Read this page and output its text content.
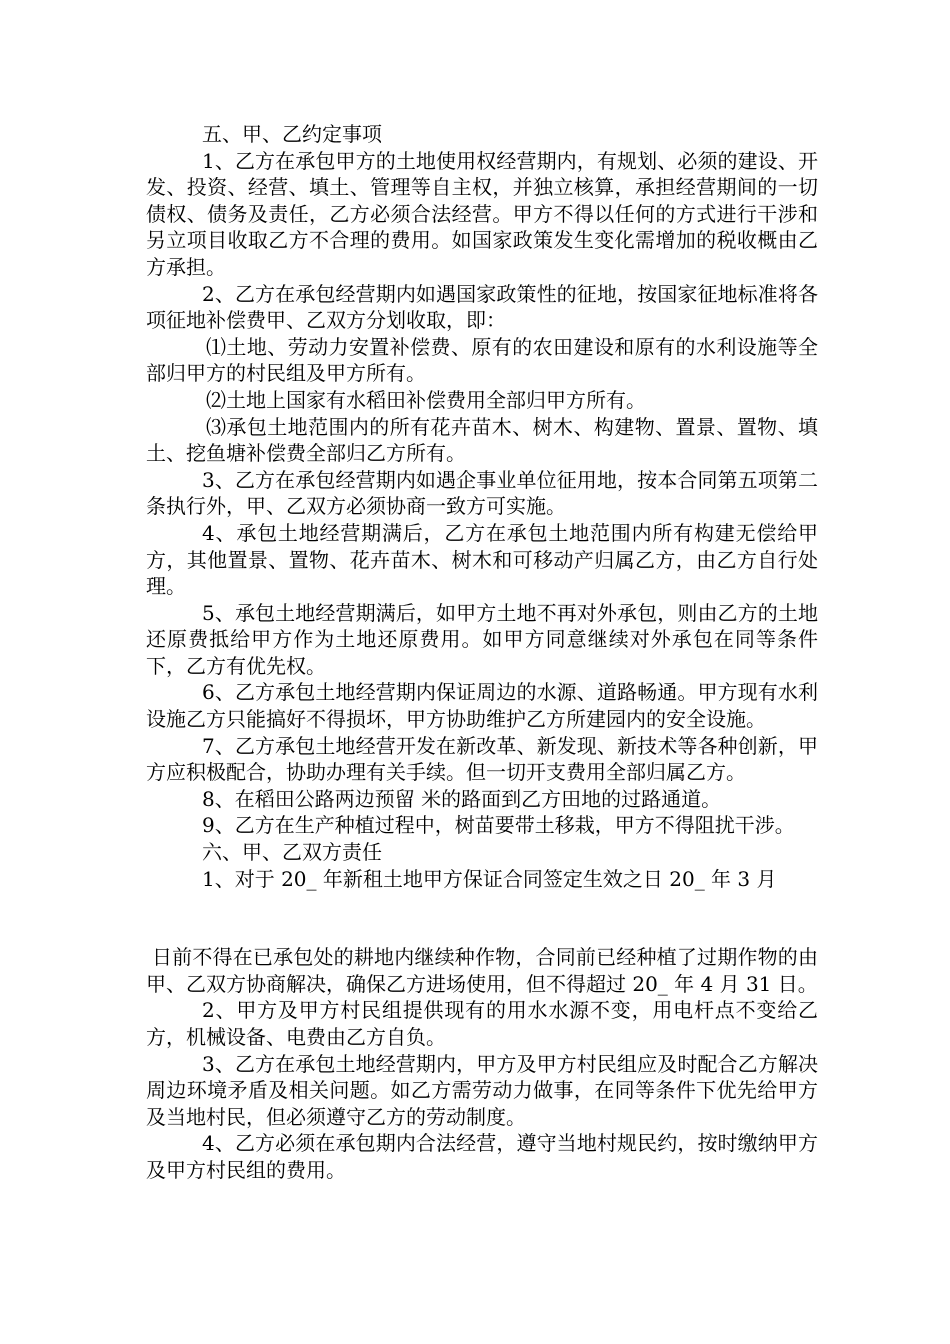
五、甲、乙约定事项

1、乙方在承包甲方的土地使用权经营期内，有规划、必须的建设、开发、投资、经营、填土、管理等自主权，并独立核算，承担经营期间的一切债权、债务及责任，乙方必须合法经营。甲方不得以任何的方式进行干涉和另立项目收取乙方不合理的费用。如国家政策发生变化需增加的税收概由乙方承担。

2、乙方在承包经营期内如遇国家政策性的征地，按国家征地标准将各项征地补偿费甲、乙双方分划收取，即：

⑴土地、劳动力安置补偿费、原有的农田建设和原有的水利设施等全部归甲方的村民组及甲方所有。

⑵土地上国家有水稻田补偿费用全部归甲方所有。

⑶承包土地范围内的所有花卉苗木、树木、构建物、置景、置物、填土、挖鱼塘补偿费全部归乙方所有。

3、乙方在承包经营期内如遇企事业单位征用地，按本合同第五项第二条执行外，甲、乙双方必须协商一致方可实施。

4、承包土地经营期满后，乙方在承包土地范围内所有构建无偿给甲方，其他置景、置物、花卉苗木、树木和可移动产归属乙方，由乙方自行处理。

5、承包土地经营期满后，如甲方土地不再对外承包，则由乙方的土地还原费抵给甲方作为土地还原费用。如甲方同意继续对外承包在同等条件下，乙方有优先权。

6、乙方承包土地经营期内保证周边的水源、道路畅通。甲方现有水利设施乙方只能搞好不得损坏，甲方协助维护乙方所建园内的安全设施。

7、乙方承包土地经营开发在新改革、新发现、新技术等各种创新，甲方应积极配合，协助办理有关手续。但一切开支费用全部归属乙方。

8、在稻田公路两边预留 米的路面到乙方田地的过路通道。

9、乙方在生产种植过程中，树苗要带土移栽，甲方不得阻扰干涉。

六、甲、乙双方责任

1、对于 20_ 年新租土地甲方保证合同签定生效之日 20_ 年 3 月

日前不得在已承包处的耕地内继续种作物，合同前已经种植了过期作物的由甲、乙双方协商解决，确保乙方进场使用，但不得超过 20_ 年 4 月 31 日。

2、甲方及甲方村民组提供现有的用水水源不变，用电杆点不变给乙方，机械设备、电费由乙方自负。

3、乙方在承包土地经营期内，甲方及甲方村民组应及时配合乙方解决周边环境矛盾及相关问题。如乙方需劳动力做事，在同等条件下优先给甲方及当地村民，但必须遵守乙方的劳动制度。

4、乙方必须在承包期内合法经营，遵守当地村规民约，按时缴纳甲方及甲方村民组的费用。
